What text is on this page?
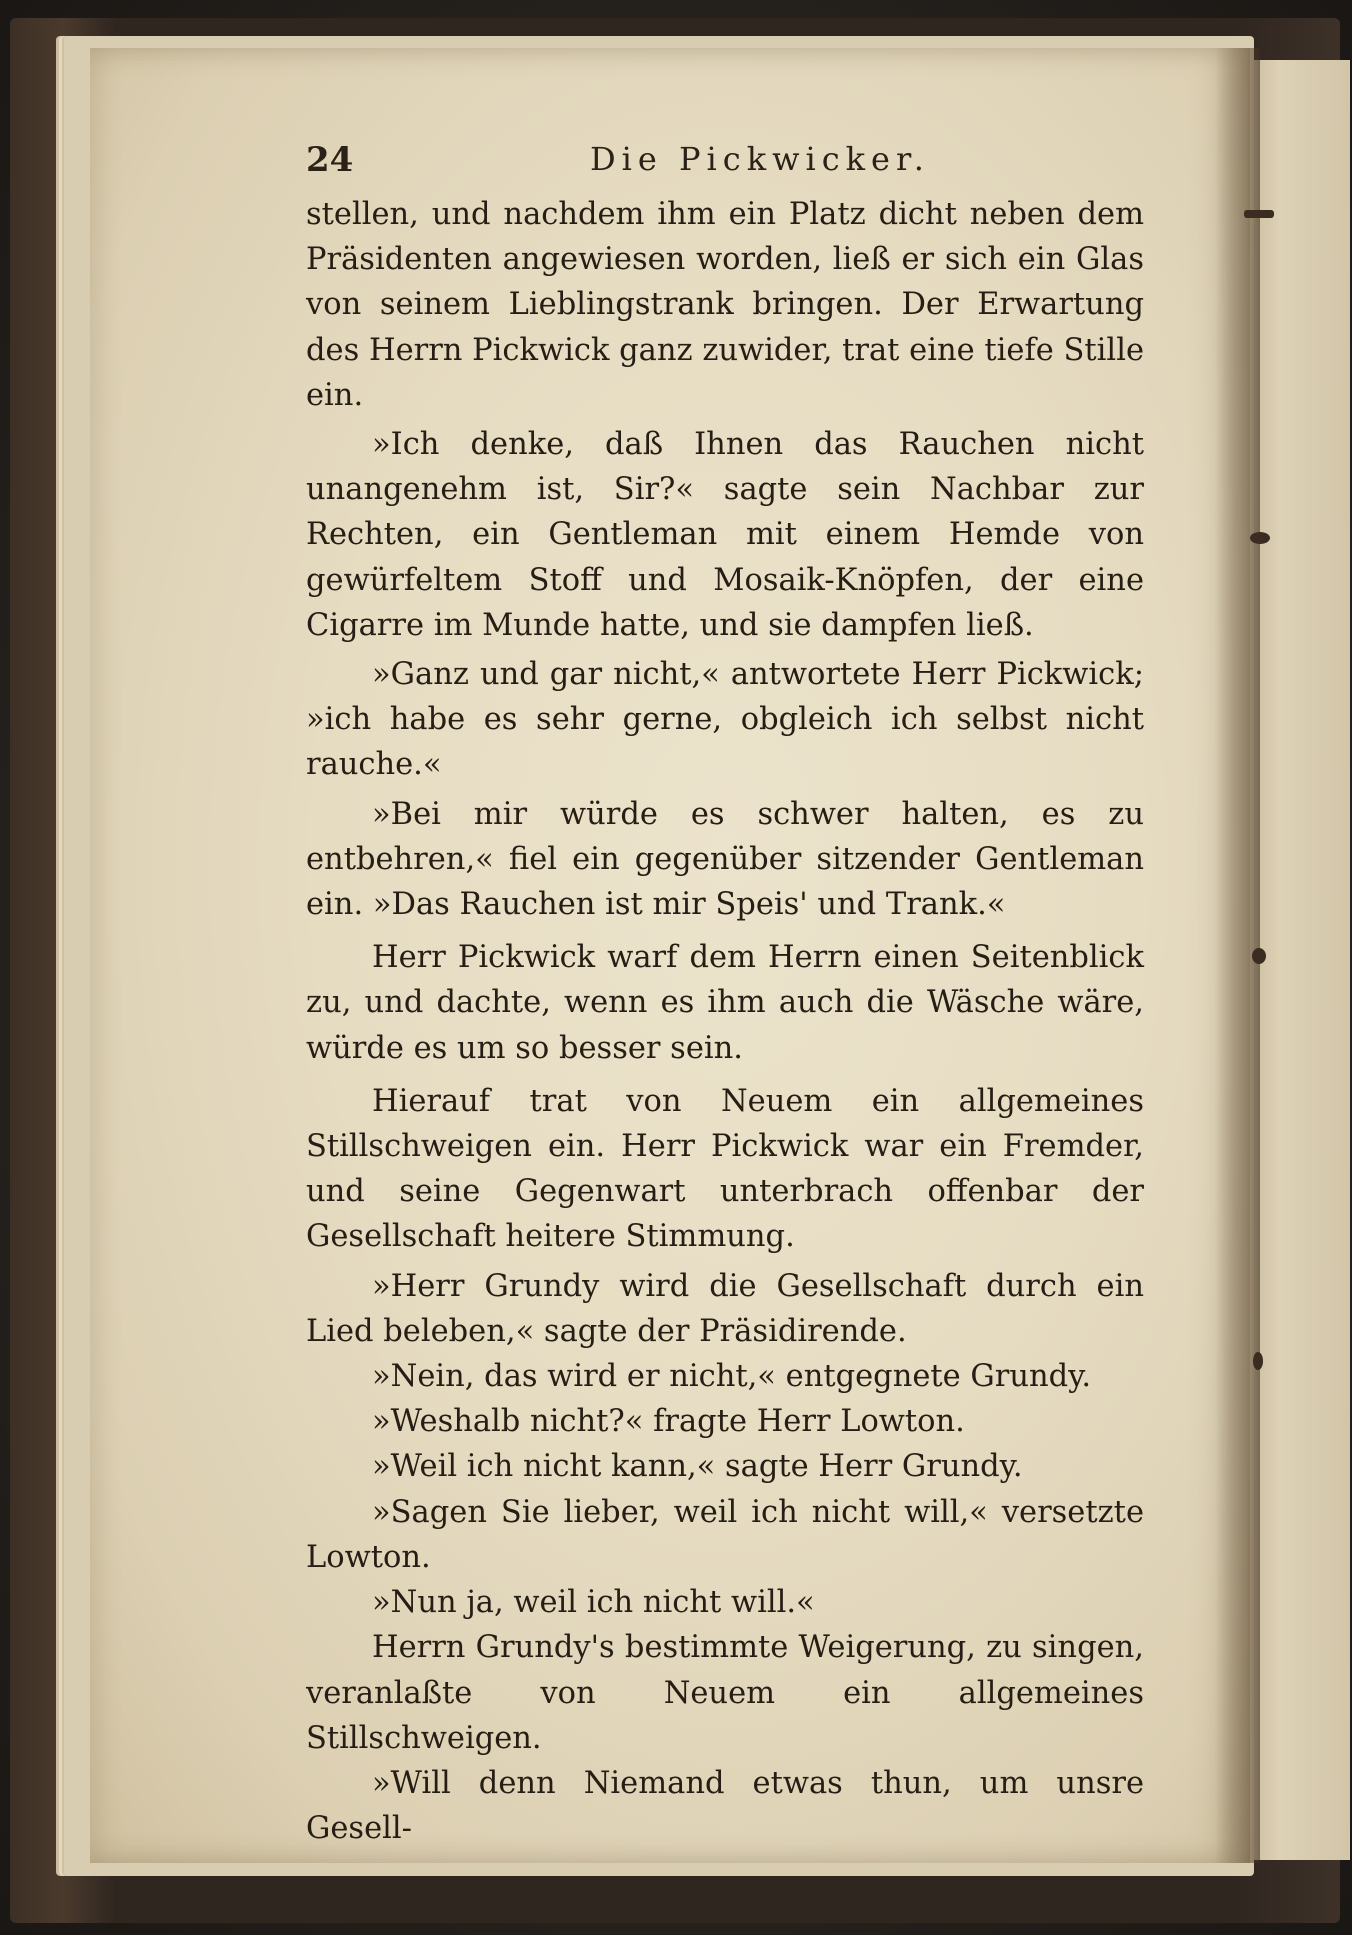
24	Die Pickwicker.

stellen, und nachdem ihm ein Platz dicht neben dem Präsidenten angewiesen worden, ließ er sich ein Glas von seinem Lieblingstrank bringen. Der Erwartung des Herrn Pickwick ganz zuwider, trat eine tiefe Stille ein.

»Ich denke, daß Ihnen das Rauchen nicht unangenehm ist, Sir?« sagte sein Nachbar zur Rechten, ein Gentleman mit einem Hemde von gewürfeltem Stoff und Mosaik-Knöpfen, der eine Cigarre im Munde hatte, und sie dampfen ließ.

»Ganz und gar nicht,« antwortete Herr Pickwick; »ich habe es sehr gerne, obgleich ich selbst nicht rauche.«

»Bei mir würde es schwer halten, es zu entbehren,« fiel ein gegenüber sitzender Gentleman ein. »Das Rauchen ist mir Speis' und Trank.«

Herr Pickwick warf dem Herrn einen Seitenblick zu, und dachte, wenn es ihm auch die Wäsche wäre, würde es um so besser sein.

Hierauf trat von Neuem ein allgemeines Stillschweigen ein. Herr Pickwick war ein Fremder, und seine Gegenwart unterbrach offenbar der Gesellschaft heitere Stimmung.

»Herr Grundy wird die Gesellschaft durch ein Lied beleben,« sagte der Präsidirende.

»Nein, das wird er nicht,« entgegnete Grundy.

»Weshalb nicht?« fragte Herr Lowton.

»Weil ich nicht kann,« sagte Herr Grundy.

»Sagen Sie lieber, weil ich nicht will,« versetzte Lowton.

»Nun ja, weil ich nicht will.«

Herrn Grundy's bestimmte Weigerung, zu singen, veranlaßte von Neuem ein allgemeines Stillschweigen.

»Will denn Niemand etwas thun, um unsre Gesell-
